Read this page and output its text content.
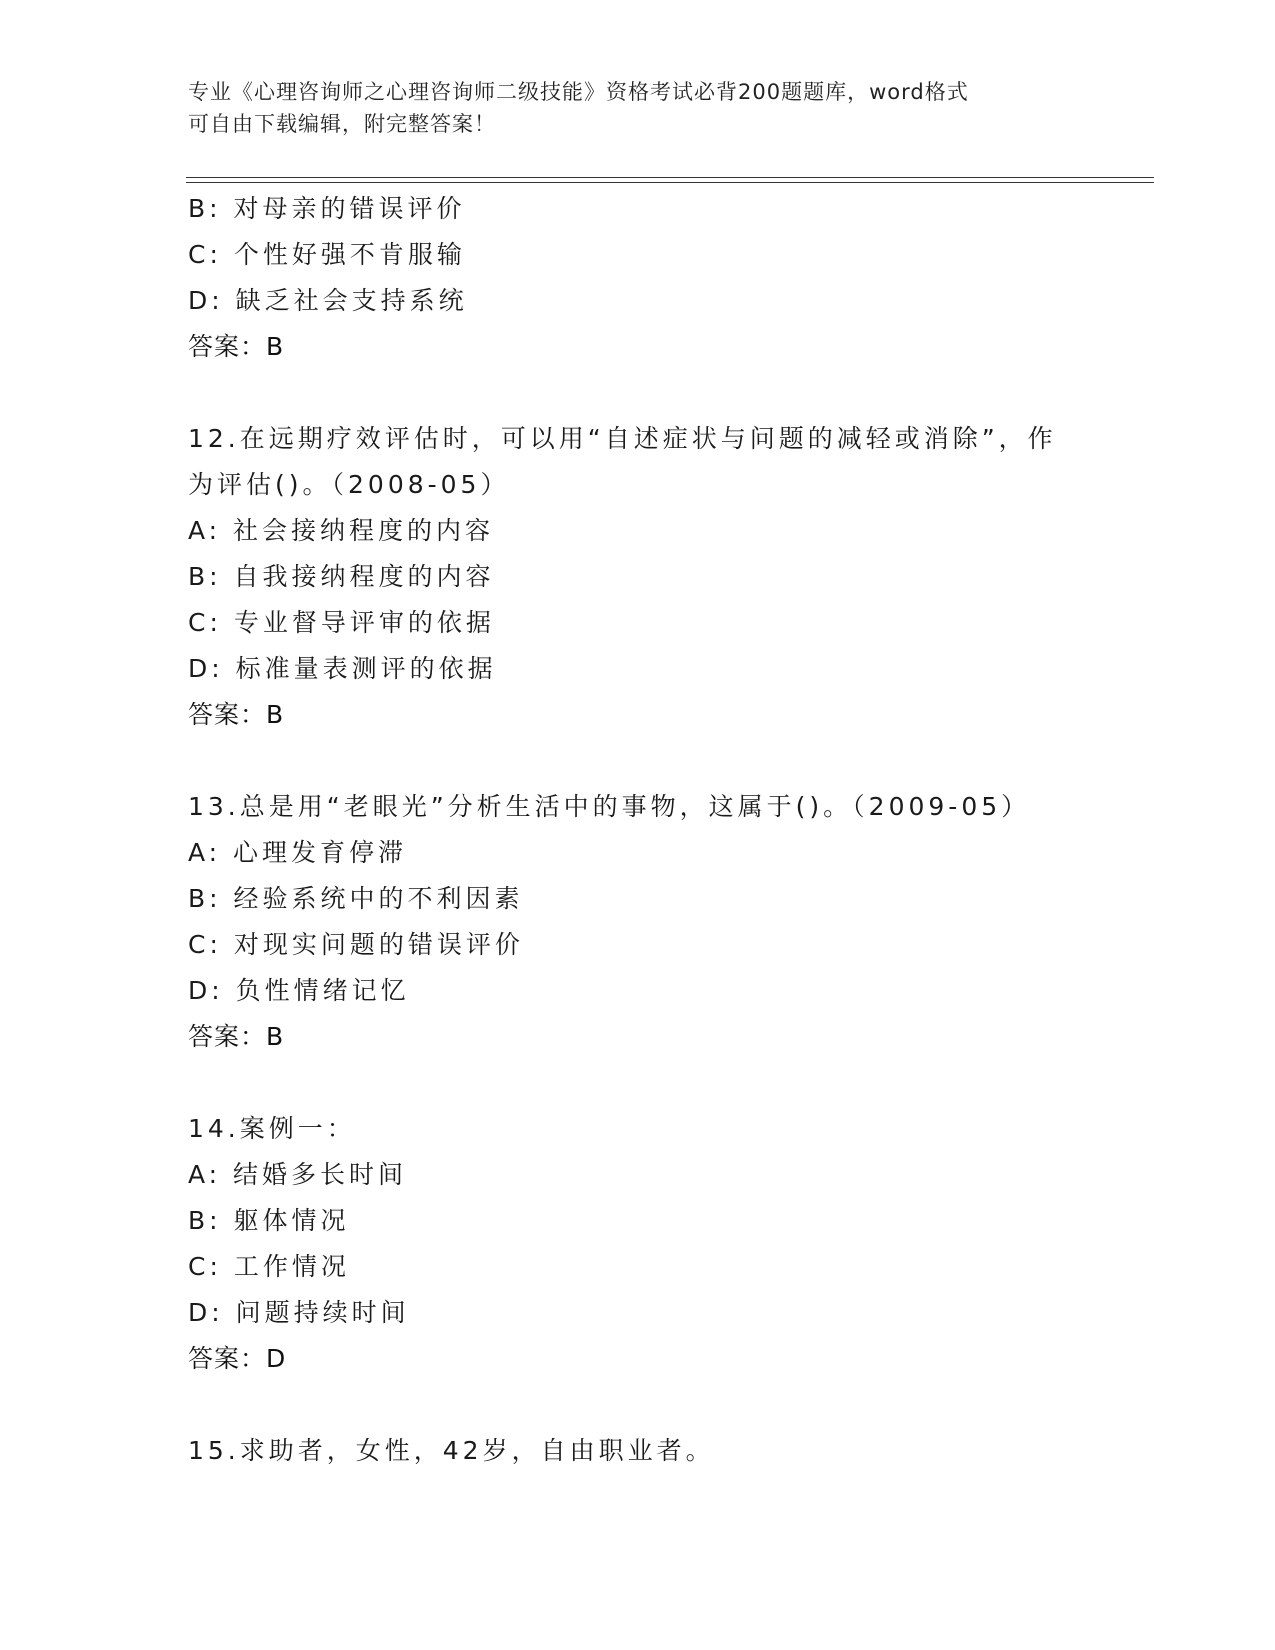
专业《心理咨询师之心理咨询师二级技能》资格考试必背200题题库，word格式
可自由下载编辑，附完整答案！
B: 对母亲的错误评价
C: 个性好强不肯服输
D: 缺乏社会支持系统
答案：B
12.在远期疗效评估时，可以用“自述症状与问题的减轻或消除”，作
为评估()。（2008-05）
A: 社会接纳程度的内容
B: 自我接纳程度的内容
C: 专业督导评审的依据
D: 标准量表测评的依据
答案：B
13.总是用“老眼光”分析生活中的事物，这属于()。（2009-05）
A: 心理发育停滞
B: 经验系统中的不利因素
C: 对现实问题的错误评价
D: 负性情绪记忆
答案：B
14.案例一：
A: 结婚多长时间
B: 躯体情况
C: 工作情况
D: 问题持续时间
答案：D
15.求助者，女性，42岁，自由职业者。
